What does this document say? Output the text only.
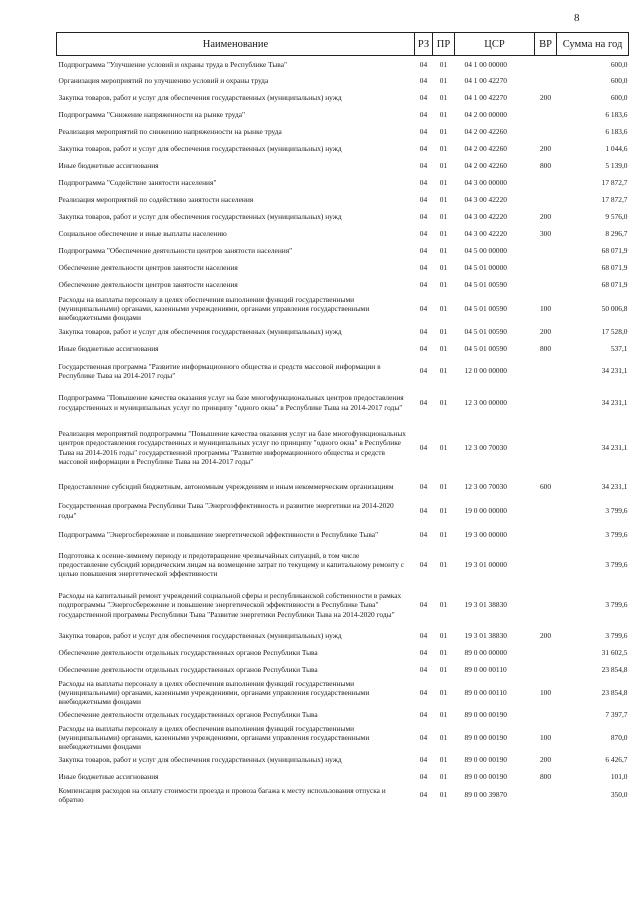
8
Наименование	РЗ	ПР	ЦСР	ВР	Сумма на год
Подпрограмма "Улучшение условий и охраны труда в Республике Тыва"	04	01	04 1 00 00000		600,0
Организация мероприятий по улучшению условий и охраны труда	04	01	04 1 00 42270		600,0
Закупка товаров, работ и услуг для обеспечения государственных (муниципальных) нужд	04	01	04 1 00 42270	200	600,0
Подпрограмма "Снижение напряженности на рынке труда"	04	01	04 2 00 00000		6 183,6
Реализация мероприятий по снижению напряженности на рынке труда	04	01	04 2 00 42260		6 183,6
Закупка товаров, работ и услуг для обеспечения государственных (муниципальных) нужд	04	01	04 2 00 42260	200	1 044,6
Иные бюджетные ассигнования	04	01	04 2 00 42260	800	5 139,0
Подпрограмма "Содействие занятости населения"	04	01	04 3 00 00000		17 872,7
Реализация мероприятий по содействию занятости населения	04	01	04 3 00 42220		17 872,7
Закупка товаров, работ и услуг для обеспечения государственных (муниципальных) нужд	04	01	04 3 00 42220	200	9 576,0
Социальное обеспечение и иные выплаты населению	04	01	04 3 00 42220	300	8 296,7
Подпрограмма "Обеспечение деятельности центров занятости населения"	04	01	04 5 00 00000		68 071,9
Обеспечение деятельности центров занятости населения	04	01	04 5 01 00000		68 071,9
Обеспечение деятельности центров занятости населения	04	01	04 5 01 00590		68 071,9
Расходы на выплаты персоналу в целях обеспечения выполнения функций государственными (муниципальными) органами, казенными учреждениями, органами управления государственными внебюджетными фондами	04	01	04 5 01 00590	100	50 006,8
Закупка товаров, работ и услуг для обеспечения государственных (муниципальных) нужд	04	01	04 5 01 00590	200	17 528,0
Иные бюджетные ассигнования	04	01	04 5 01 00590	800	537,1
Государственная программа "Развитие информационного общества и средств массовой информации в Республике Тыва на 2014-2017 годы"	04	01	12 0 00 00000		34 231,1
Подпрограмма "Повышение качества оказания услуг на базе многофункциональных центров предоставления государственных и муниципальных услуг по принципу "одного окна" в Республике Тыва на 2014-2017 годы"	04	01	12 3 00 00000		34 231,1
Реализация мероприятий подпрограммы "Повышение качества оказания услуг на базе многофункциональных центров предоставления государственных и муниципальных услуг по принципу "одного окна" в Республике Тыва на 2014-2016 годы" государственной программы "Развитие информационного общества и средств массовой информации в Республике Тыва на 2014-2017 годы"	04	01	12 3 00 70030		34 231,1
Предоставление субсидий бюджетным, автономным учреждениям и иным некоммерческим организациям	04	01	12 3 00 70030	600	34 231,1
Государственная программа Республики Тыва "Энергоэффективность и развитие энергетики на 2014-2020 годы"	04	01	19 0 00 00000		3 799,6
Подпрограмма "Энергосбережение и повышение энергетической эффективности в Республике Тыва"	04	01	19 3 00 00000		3 799,6
Подготовка к осенне-зимнему периоду и предотвращение чрезвычайных ситуаций, в том числе предоставление субсидий юридическим лицам на возмещение затрат по текущему и капитальному ремонту с целью повышения энергетической эффективности	04	01	19 3 01 00000		3 799,6
Расходы на капитальный ремонт учреждений социальной сферы и республиканской собственности в рамках подпрограммы "Энергосбережение и повышение энергетической эффективности в Республике Тыва" государственной программы Республики Тыва "Развитие энергетики Республики Тыва на 2014-2020 годы"	04	01	19 3 01 38830		3 799,6
Закупка товаров, работ и услуг для обеспечения государственных (муниципальных) нужд	04	01	19 3 01 38830	200	3 799,6
Обеспечение деятельности отдельных государственных органов Республики Тыва	04	01	89 0 00 00000		31 602,5
Обеспечение деятельности отдельных государственных органов Республики Тыва	04	01	89 0 00 00110		23 854,8
Расходы на выплаты персоналу в целях обеспечения выполнения функций государственными (муниципальными) органами, казенными учреждениями, органами управления государственными внебюджетными фондами	04	01	89 0 00 00110	100	23 854,8
Обеспечение деятельности отдельных государственных органов Республики Тыва	04	01	89 0 00 00190		7 397,7
Расходы на выплаты персоналу в целях обеспечения выполнения функций государственными (муниципальными) органами, казенными учреждениями, органами управления государственными внебюджетными фондами	04	01	89 0 00 00190	100	870,0
Закупка товаров, работ и услуг для обеспечения государственных (муниципальных) нужд	04	01	89 0 00 00190	200	6 426,7
Иные бюджетные ассигнования	04	01	89 0 00 00190	800	101,0
Компенсация расходов на оплату стоимости проезда и провоза багажа к месту использования отпуска и обратно	04	01	89 0 00 39870		350,0
